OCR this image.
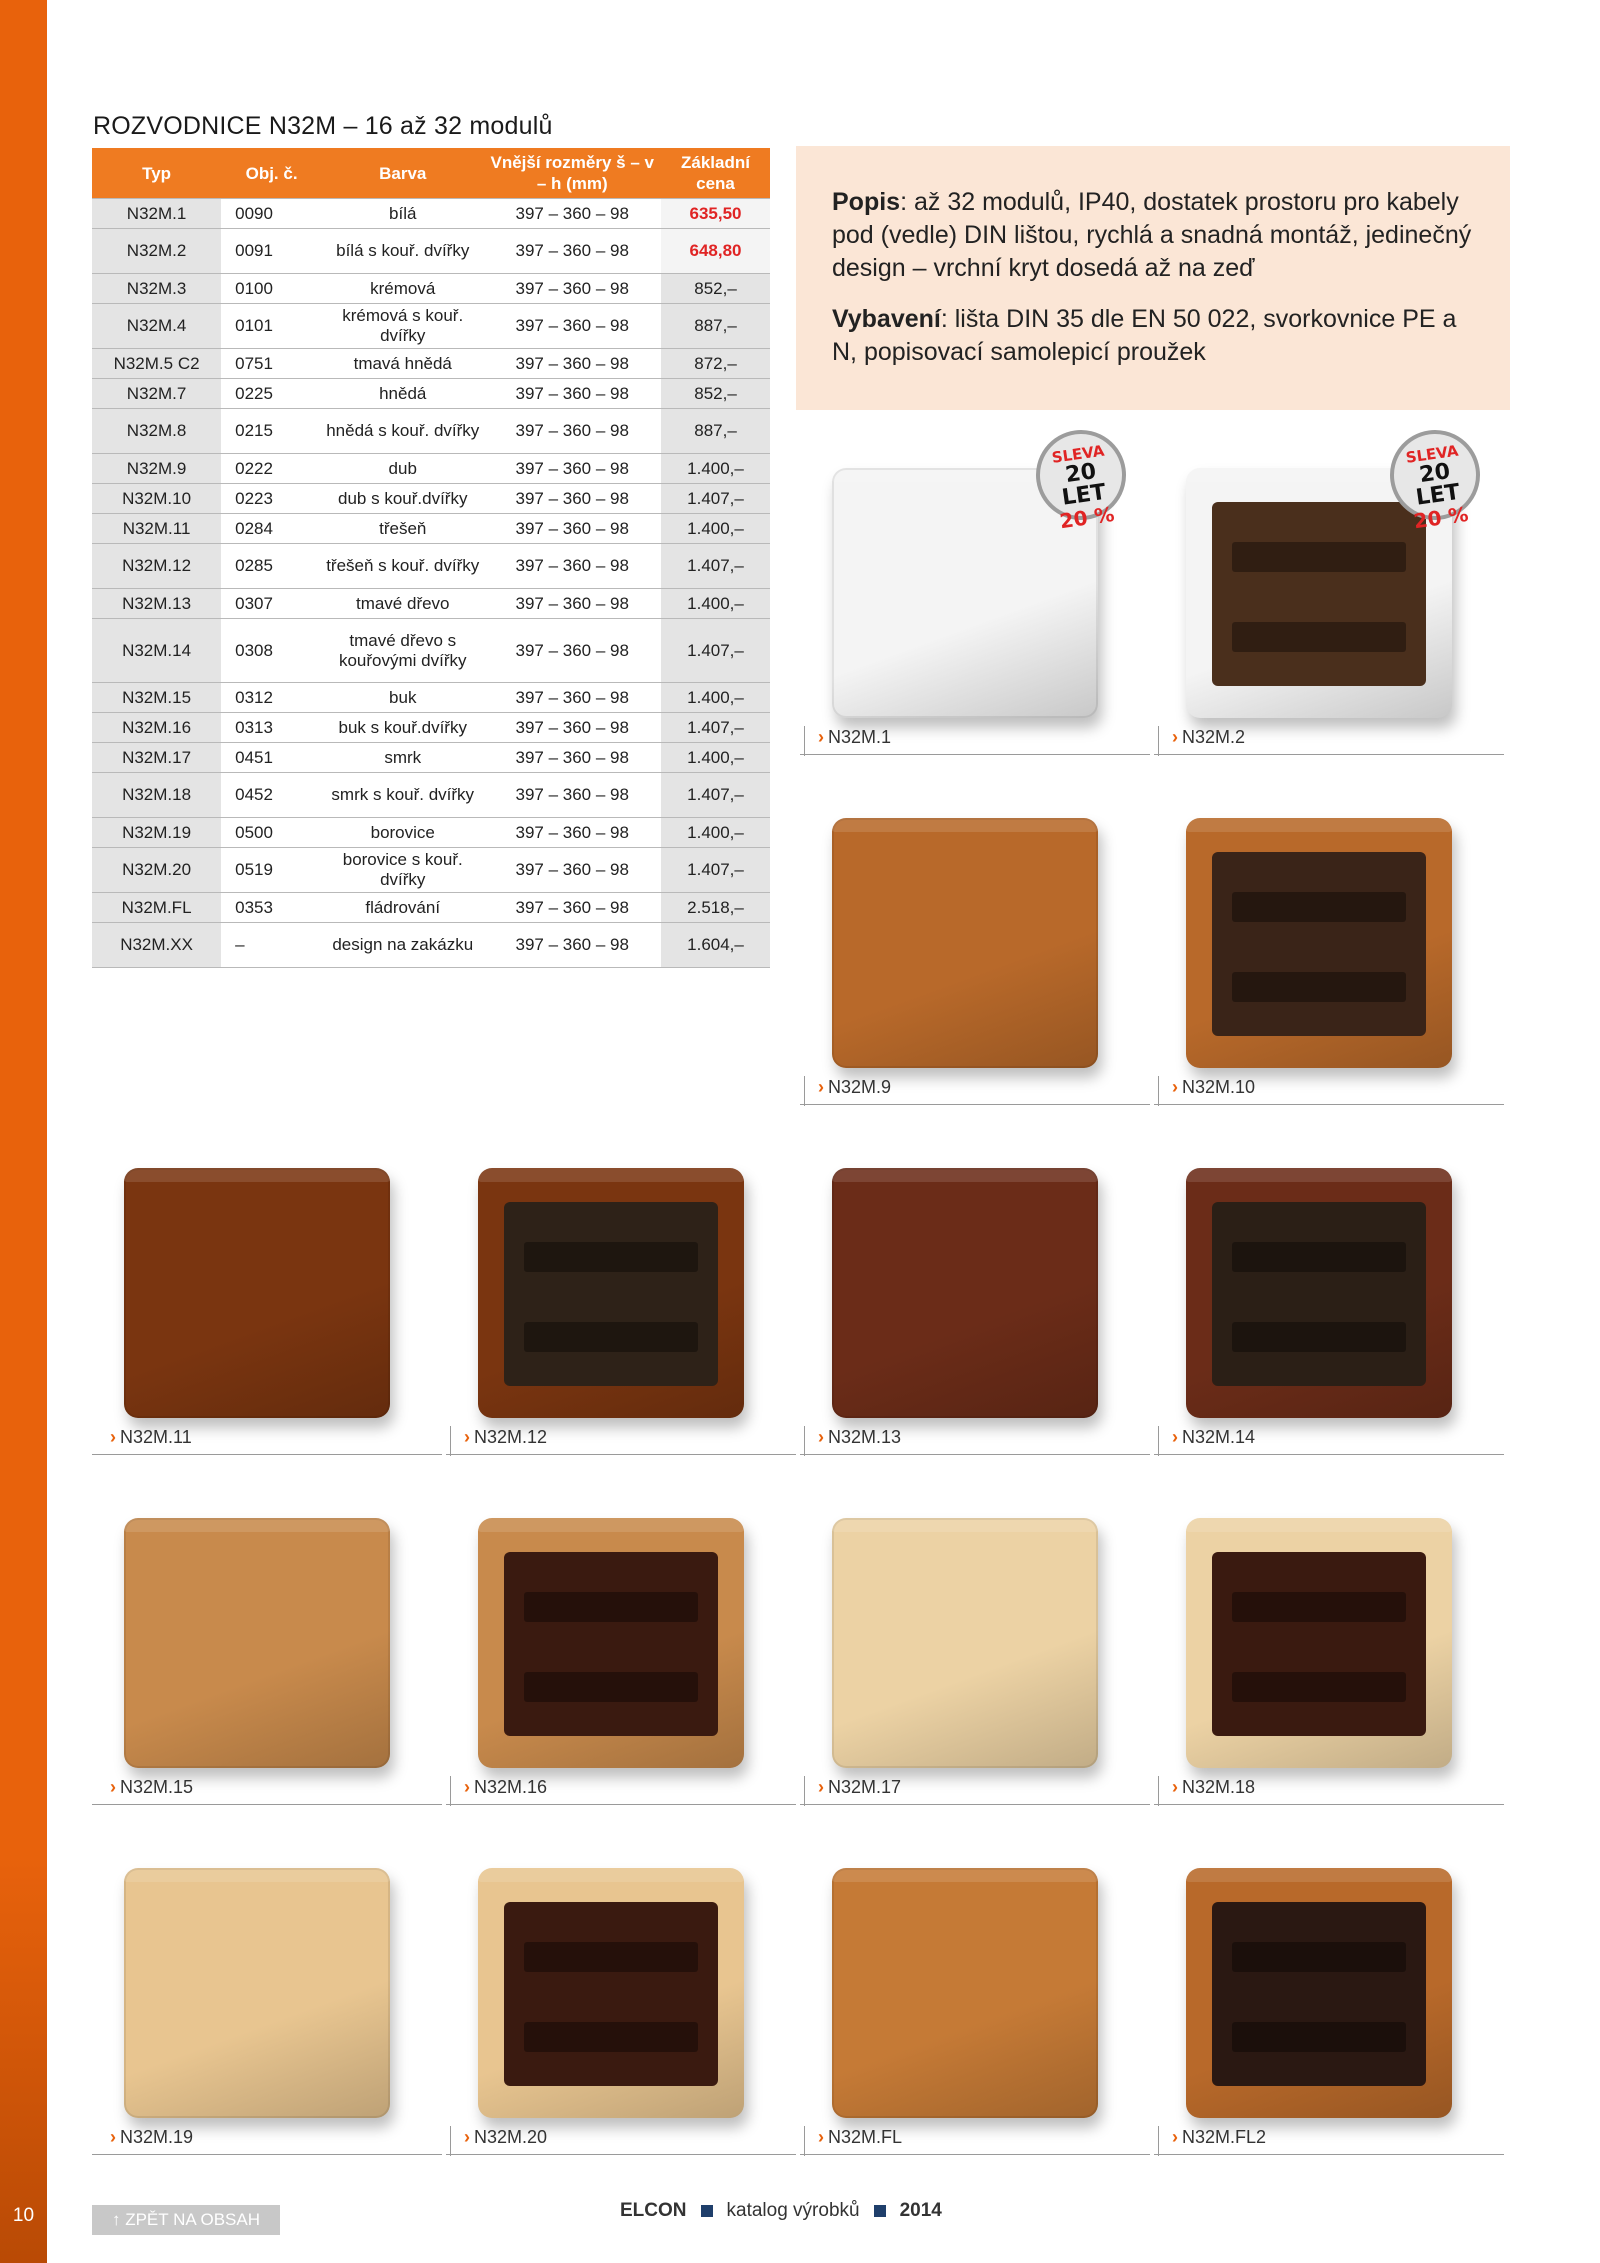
10
ROZVODNICE N32M – 16 až 32 modulů
Typ	Obj. č.	Barva	Vnější rozměry š – v – h (mm)	Základní cena
N32M.1	0090	bílá	397 – 360 – 98	635,50
N32M.2	0091	bílá s kouř. dvířky	397 – 360 – 98	648,80
N32M.3	0100	krémová	397 – 360 – 98	852,–
N32M.4	0101	krémová s kouř. dvířky	397 – 360 – 98	887,–
N32M.5 C2	0751	tmavá hnědá	397 – 360 – 98	872,–
N32M.7	0225	hnědá	397 – 360 – 98	852,–
N32M.8	0215	hnědá s kouř. dvířky	397 – 360 – 98	887,–
N32M.9	0222	dub	397 – 360 – 98	1.400,–
N32M.10	0223	dub s kouř.dvířky	397 – 360 – 98	1.407,–
N32M.11	0284	třešeň	397 – 360 – 98	1.400,–
N32M.12	0285	třešeň s kouř. dvířky	397 – 360 – 98	1.407,–
N32M.13	0307	tmavé dřevo	397 – 360 – 98	1.400,–
N32M.14	0308	tmavé dřevo s kouřovými dvířky	397 – 360 – 98	1.407,–
N32M.15	0312	buk	397 – 360 – 98	1.400,–
N32M.16	0313	buk s kouř.dvířky	397 – 360 – 98	1.407,–
N32M.17	0451	smrk	397 – 360 – 98	1.400,–
N32M.18	0452	smrk s kouř. dvířky	397 – 360 – 98	1.407,–
N32M.19	0500	borovice	397 – 360 – 98	1.400,–
N32M.20	0519	borovice s kouř. dvířky	397 – 360 – 98	1.407,–
N32M.FL	0353	fládrování	397 – 360 – 98	2.518,–
N32M.XX	–	design na zakázku	397 – 360 – 98	1.604,–

Popis: až 32 modulů, IP40, dostatek prostoru pro kabely pod (vedle) DIN lištou, rychlá a snadná montáž, jedinečný design – vrchní kryt dosedá až na zeď

Vybavení: lišta DIN 35 dle EN 50 022, svorkovnice PE a N, popisovací samolepicí proužek

SLEVA
20 LET
20 %
› N32M.1
SLEVA
20 LET
20 %
› N32M.2
› N32M.9	› N32M.10
› N32M.11	› N32M.12	› N32M.13	› N32M.14
› N32M.15	› N32M.16	› N32M.17	› N32M.18
› N32M.19	› N32M.20	› N32M.FL	› N32M.FL2
↑ ZPĚT NA OBSAH	ELCON katalog výrobků 2014
